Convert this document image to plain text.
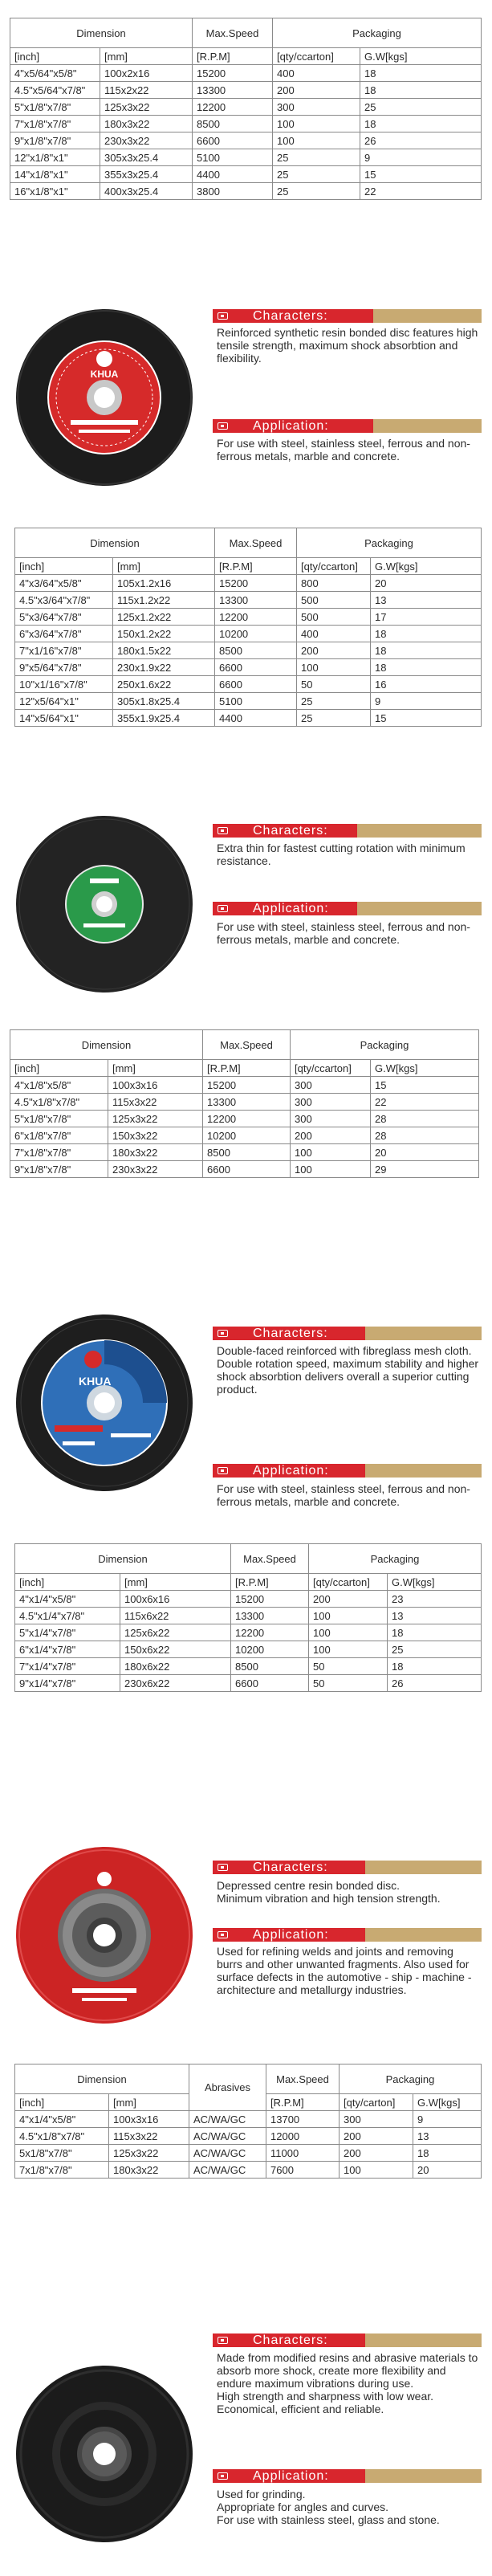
Dimension		Max.Speed	Packaging	
[inch]	[mm]	[R.P.M]	[qty/ccarton]	G.W[kgs]
4"x5/64"x5/8"	100x2x16	15200	400	18
4.5"x5/64"x7/8"	115x2x22	13300	200	18
5"x1/8"x7/8"	125x3x22	12200	300	25
7"x1/8"x7/8"	180x3x22	8500	100	18
9"x1/8"x7/8"	230x3x22	6600	100	26
12"x1/8"x1"	305x3x25.4	5100	25	9
14"x1/8"x1"	355x3x25.4	4400	25	15
16"x1/8"x1"	400x3x25.4	3800	25	22
KHUA
Characters:

Reinforced synthetic resin bonded disc features high tensile strength, maximum shock absorbtion and flexibility.

Application:

For use with steel, stainless steel, ferrous and non-ferrous metals, marble and concrete.

Dimension		Max.Speed	Packaging	
[inch]	[mm]	[R.P.M]	[qty/ccarton]	G.W[kgs]
4"x3/64"x5/8"	105x1.2x16	15200	800	20
4.5"x3/64"x7/8"	115x1.2x22	13300	500	13
5"x3/64"x7/8"	125x1.2x22	12200	500	17
6"x3/64"x7/8"	150x1.2x22	10200	400	18
7"x1/16"x7/8"	180x1.5x22	8500	200	18
9"x5/64"x7/8"	230x1.9x22	6600	100	18
10"x1/16"x7/8"	250x1.6x22	6600	50	16
12"x5/64"x1"	305x1.8x25.4	5100	25	9
14"x5/64"x1"	355x1.9x25.4	4400	25	15
Characters:

Extra thin for fastest cutting rotation with minimum resistance.

Application:

For use with steel, stainless steel, ferrous and non-ferrous metals, marble and concrete.

Dimension		Max.Speed	Packaging	
[inch]	[mm]	[R.P.M]	[qty/ccarton]	G.W[kgs]
4"x1/8"x5/8"	100x3x16	15200	300	15
4.5"x1/8"x7/8"	115x3x22	13300	300	22
5"x1/8"x7/8"	125x3x22	12200	300	28
6"x1/8"x7/8"	150x3x22	10200	200	28
7"x1/8"x7/8"	180x3x22	8500	100	20
9"x1/8"x7/8"	230x3x22	6600	100	29
KHUA
Characters:

Double-faced reinforced with fibreglass mesh cloth. Double rotation speed, maximum stability and higher shock absorbtion delivers overall a superior cutting product.

Application:

For use with steel, stainless steel, ferrous and non-ferrous metals, marble and concrete.

Dimension		Max.Speed	Packaging	
[inch]	[mm]	[R.P.M]	[qty/ccarton]	G.W[kgs]
4"x1/4"x5/8"	100x6x16	15200	200	23
4.5"x1/4"x7/8"	115x6x22	13300	100	13
5"x1/4"x7/8"	125x6x22	12200	100	18
6"x1/4"x7/8"	150x6x22	10200	100	25
7"x1/4"x7/8"	180x6x22	8500	50	18
9"x1/4"x7/8"	230x6x22	6600	50	26
Characters:

Depressed centre resin bonded disc.

Minimum vibration and high tension strength.

Application:

Used for refining welds and joints and removing burrs and other unwanted fragments. Also used for surface defects in the automotive - ship - machine - architecture and metallurgy industries.

Dimension		Abrasives	Max.Speed	Packaging	
[inch]	[mm]		[R.P.M]	[qty/carton]	G.W[kgs]
4"x1/4"x5/8"	100x3x16	AC/WA/GC	13700	300	9
4.5"x1/8"x7/8"	115x3x22	AC/WA/GC	12000	200	13
5x1/8"x7/8"	125x3x22	AC/WA/GC	11000	200	18
7x1/8"x7/8"	180x3x22	AC/WA/GC	7600	100	20
Characters:

Made from modified resins and abrasive materials to absorb more shock, create more flexibility and endure maximum vibrations during use.

High strength and sharpness with low wear. Economical, efficient and reliable.

Application:

Used for grinding.

Appropriate for angles and curves.

For use with stainless steel, glass and stone.
